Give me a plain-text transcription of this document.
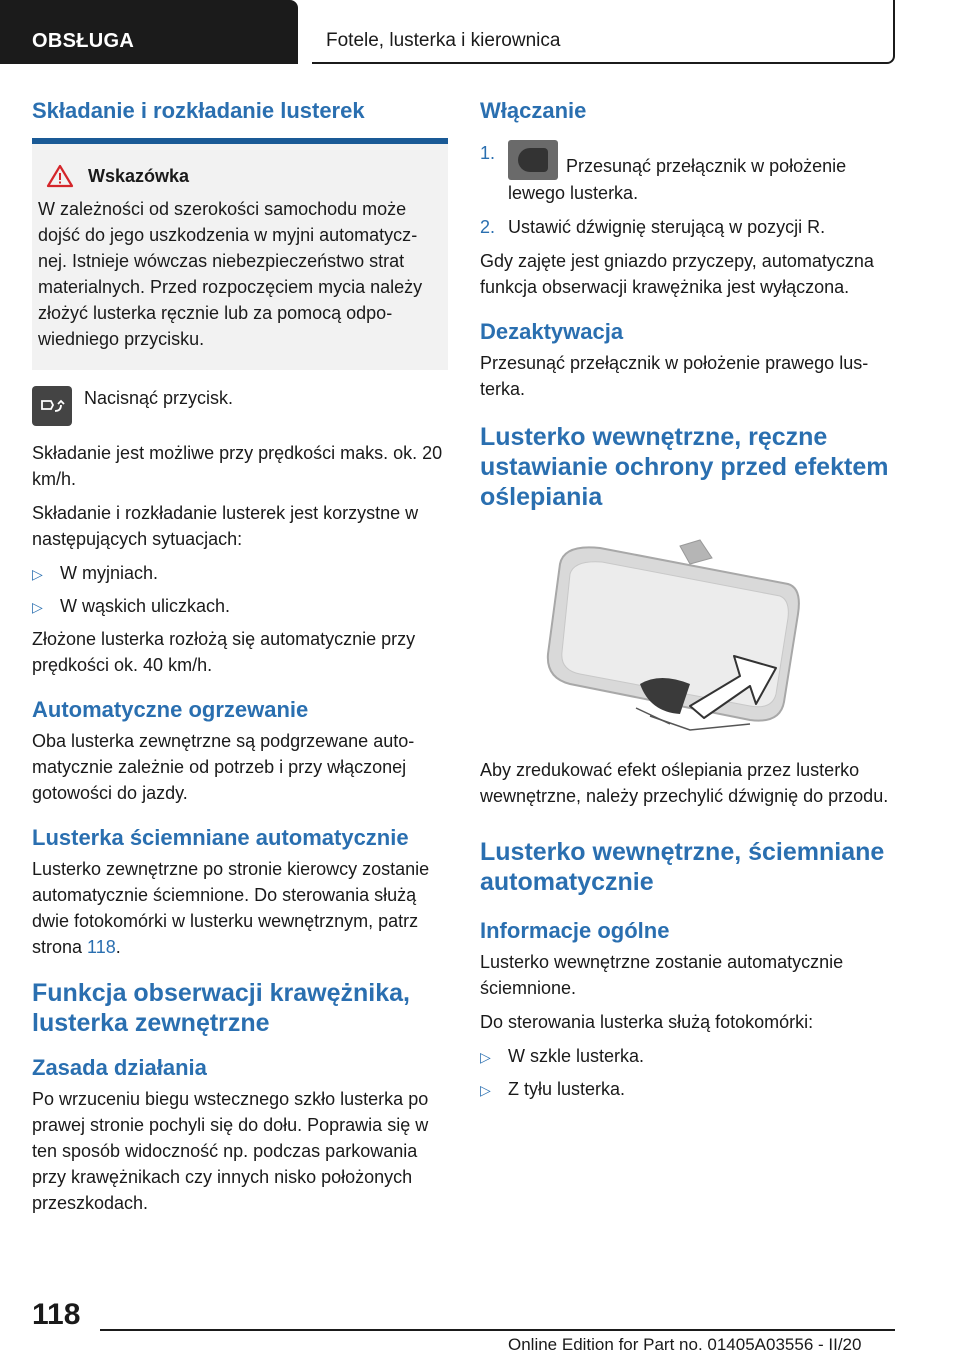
OBSŁUGA	Fotele, lusterka i kierownica
Składanie i rozkładanie lusterek
Wskazówka

W zależności od szerokości samochodu może dojść do jego uszkodzenia w myjni automatycznej. Istnieje wówczas niebezpieczeństwo strat materialnych. Przed rozpoczęciem mycia należy złożyć lusterka ręcznie lub za pomocą odpowiedniego przycisku.

Nacisnąć przycisk.

Składanie jest możliwe przy prędkości maks. ok. 20 km/h.

Składanie i rozkładanie lusterek jest korzystne w następujących sytuacjach:

▷ W myjniach.
▷ W wąskich uliczkach.

Złożone lusterka rozłożą się automatycznie przy prędkości ok. 40 km/h.

Automatyczne ogrzewanie

Oba lusterka zewnętrzne są podgrzewane automatycznie zależnie od potrzeb i przy włączonej gotowości do jazdy.

Lusterka ściemniane automatycznie

Lusterko zewnętrzne po stronie kierowcy zostanie automatycznie ściemnione. Do sterowania służą dwie fotokomórki w lusterku wewnętrznym, patrz strona 118.

Funkcja obserwacji krawężnika, lusterka zewnętrzne
Zasada działania

Po wrzuceniu biegu wstecznego szkło lusterka po prawej stronie pochyli się do dołu. Poprawia się w ten sposób widoczność np. podczas parkowania przy krawężnikach czy innych nisko położonych przeszkodach.

Włączanie
1.
Przesunąć przełącznik w położenie lewego lusterka.
2. Ustawić dźwignię sterującą w pozycji R.

Gdy zajęte jest gniazdo przyczepy, automatyczna funkcja obserwacji krawężnika jest wyłączona.

Dezaktywacja

Przesunąć przełącznik w położenie prawego lusterka.

Lusterko wewnętrzne, ręczne ustawianie ochrony przed efektem oślepiania

Aby zredukować efekt oślepiania przez lusterko wewnętrzne, należy przechylić dźwignię do przodu.

Lusterko wewnętrzne, ściemniane automatycznie
Informacje ogólne

Lusterko wewnętrzne zostanie automatycznie ściemnione.

Do sterowania lusterka służą fotokomórki:

▷ W szkle lusterka.
▷ Z tyłu lusterka.
118
Online Edition for Part no. 01405A03556 - II/20
